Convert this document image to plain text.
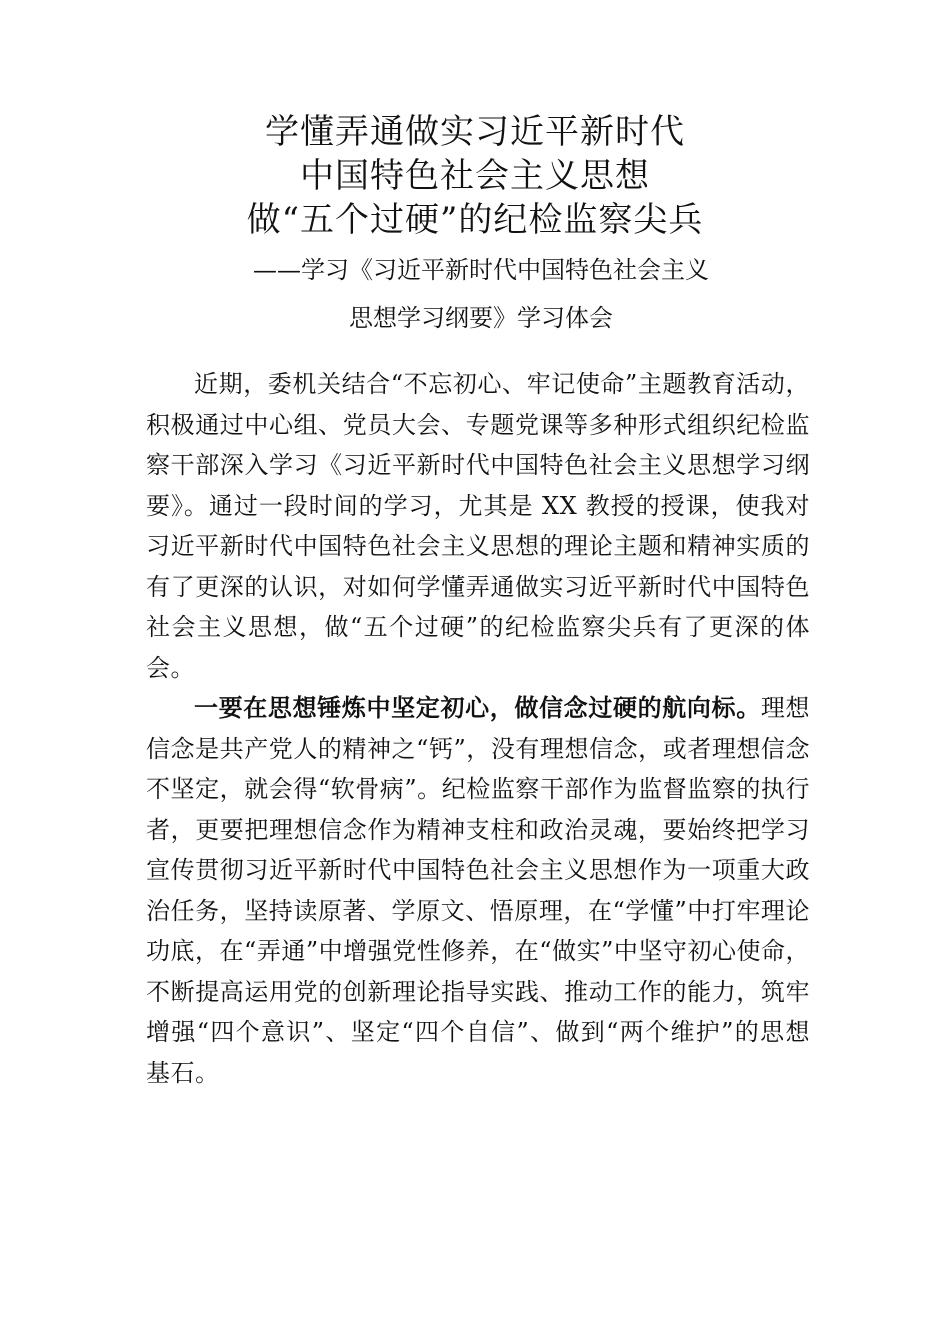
学懂弄通做实习近平新时代
中国特色社会主义思想
做“五个过硬”的纪检监察尖兵

——学习《习近平新时代中国特色社会主义

思想学习纲要》学习体会

近期，委机关结合“不忘初心、牢记使命”主题教育活动，积极通过中心组、党员大会、专题党课等多种形式组织纪检监察干部深入学习《习近平新时代中国特色社会主义思想学习纲要》。通过一段时间的学习，尤其是 XX 教授的授课，使我对习近平新时代中国特色社会主义思想的理论主题和精神实质的有了更深的认识，对如何学懂弄通做实习近平新时代中国特色社会主义思想，做“五个过硬”的纪检监察尖兵有了更深的体会。

一要在思想锤炼中坚定初心，做信念过硬的航向标。理想信念是共产党人的精神之“钙”，没有理想信念，或者理想信念不坚定，就会得“软骨病”。纪检监察干部作为监督监察的执行者，更要把理想信念作为精神支柱和政治灵魂，要始终把学习宣传贯彻习近平新时代中国特色社会主义思想作为一项重大政治任务，坚持读原著、学原文、悟原理，在“学懂”中打牢理论功底，在“弄通”中增强党性修养，在“做实”中坚守初心使命，不断提高运用党的创新理论指导实践、推动工作的能力，筑牢增强“四个意识”、坚定“四个自信”、做到“两个维护”的思想基石。
